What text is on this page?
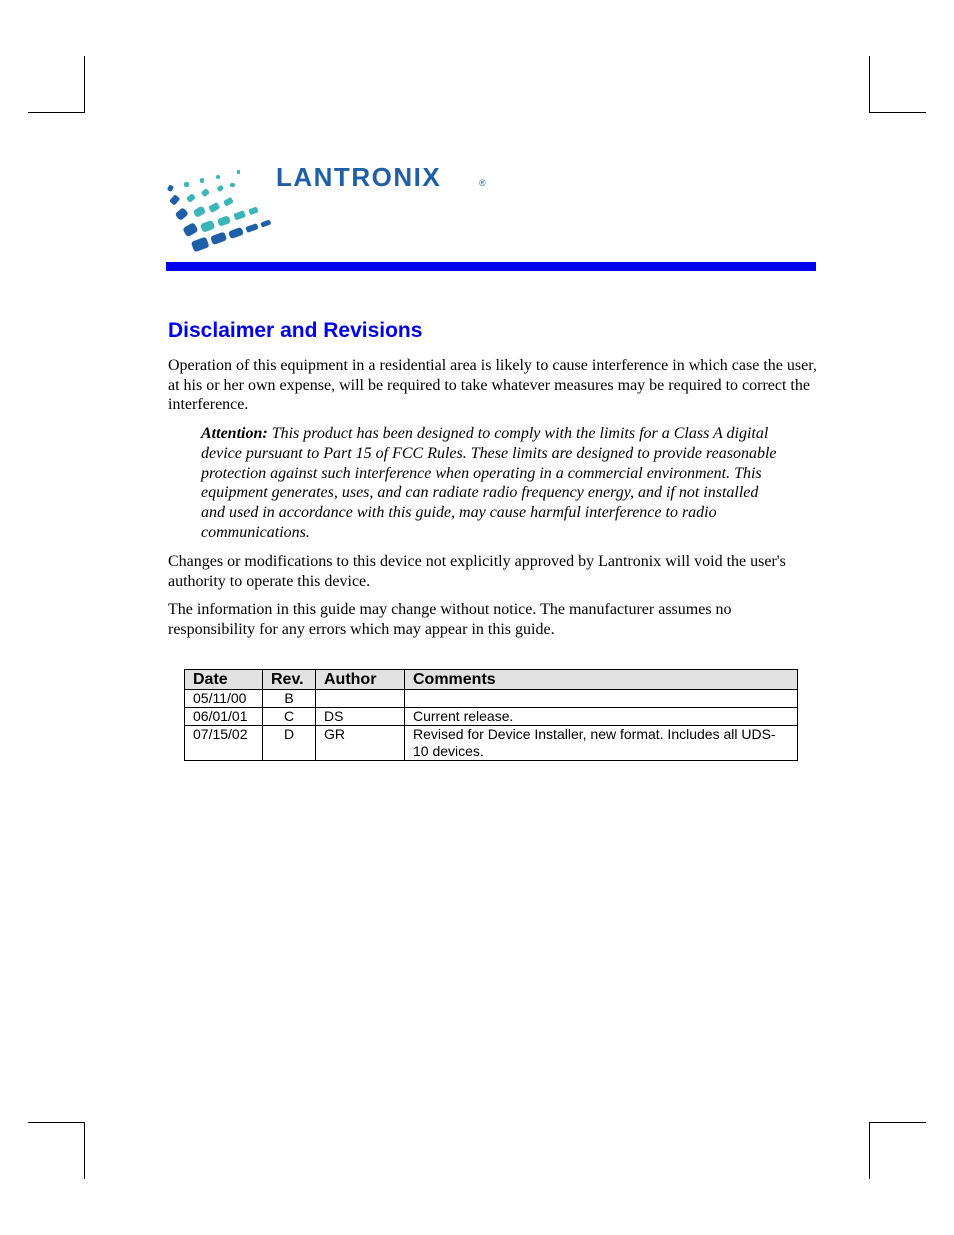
LANTRONIX	®
Disclaimer and Revisions

Operation of this equipment in a residential area is likely to cause interference in which case the user, at his or her own expense, will be required to take whatever measures may be required to correct the interference.

Attention: This product has been designed to comply with the limits for a Class A digital device pursuant to Part 15 of FCC Rules. These limits are designed to provide reasonable protection against such interference when operating in a commercial environment. This equipment generates, uses, and can radiate radio frequency energy, and if not installed and used in accordance with this guide, may cause harmful interference to radio communications.

Changes or modifications to this device not explicitly approved by Lantronix will void the user's authority to operate this device.

The information in this guide may change without notice. The manufacturer assumes no responsibility for any errors which may appear in this guide.

Date	Rev.	Author	Comments
05/11/00	B		
06/01/01	C	DS	Current release.
07/15/02	D	GR	Revised for Device Installer, new format. Includes all UDS-10 devices.
